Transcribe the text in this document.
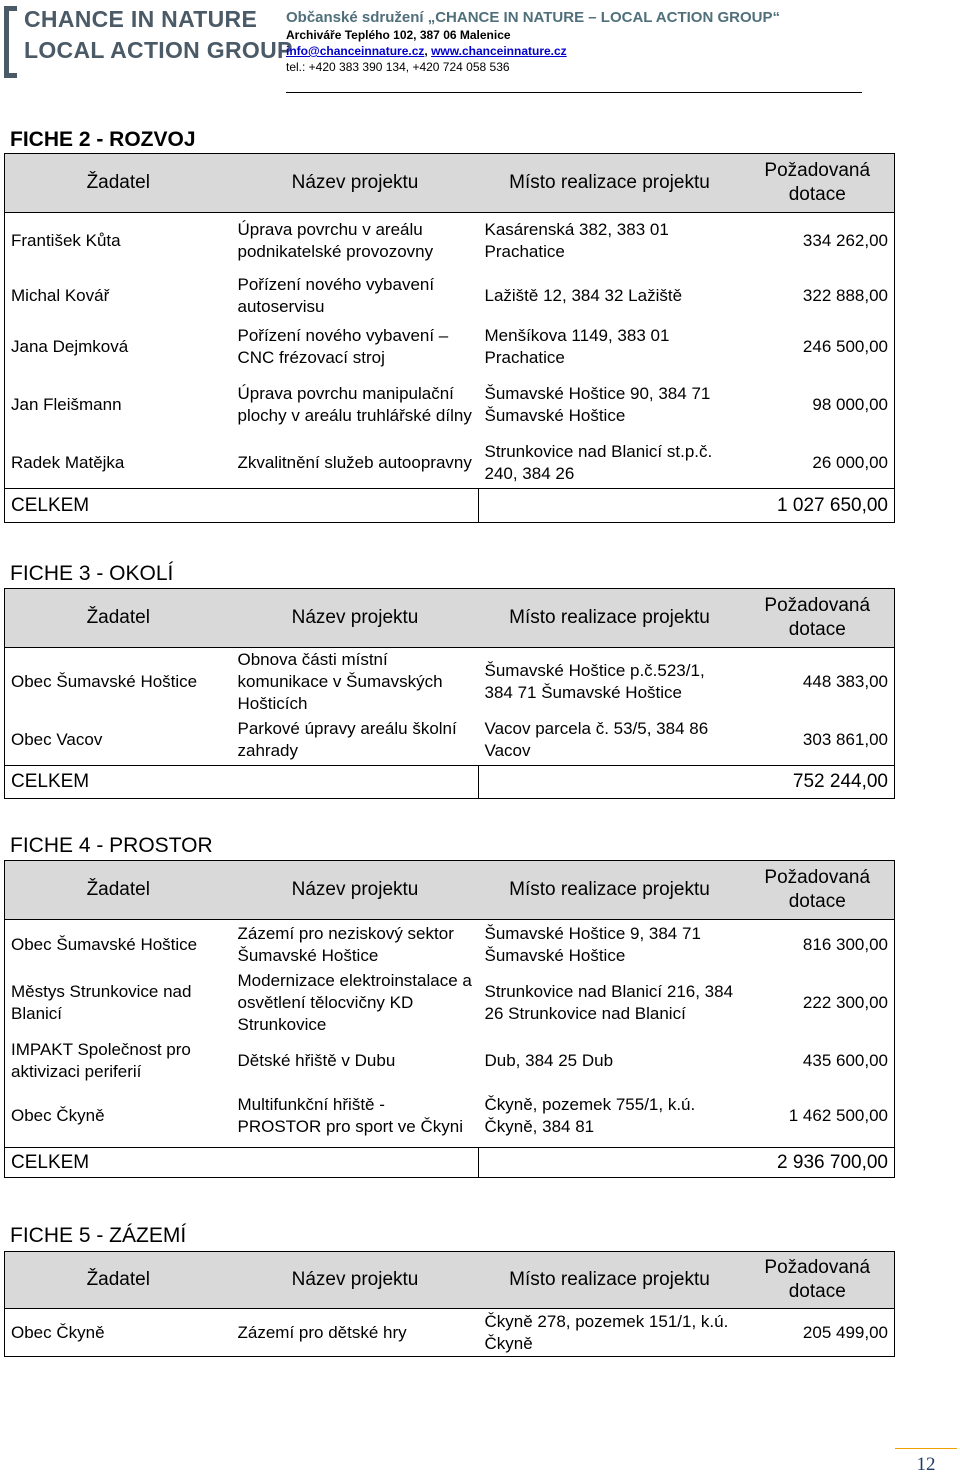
CHANCE IN NATURE
LOCAL ACTION GROUP
Občanské sdružení „CHANCE IN NATURE – LOCAL ACTION GROUP“
Archiváře Teplého 102, 387 06 Malenice
info@chanceinnature.cz, www.chanceinnature.cz
tel.: +420 383 390 134, +420 724 058 536
FICHE 2 - ROZVOJ
Žadatel	Název projektu	Místo realizace projektu	Požadovaná dotace
František Kůta	Úprava povrchu v areálu podnikatelské provozovny	Kasárenská 382, 383 01 Prachatice	334 262,00
Michal Kovář	Pořízení nového vybavení autoservisu	Lažiště 12, 384 32 Lažiště	322 888,00
Jana Dejmková	Pořízení nového vybavení – CNC frézovací stroj	Menšíkova 1149, 383 01 Prachatice	246 500,00
Jan Fleišmann	Úprava povrchu manipulační plochy v areálu truhlářské dílny	Šumavské Hoštice 90, 384 71 Šumavské Hoštice	98 000,00
Radek Matějka	Zkvalitnění služeb autoopravny	Strunkovice nad Blanicí st.p.č. 240, 384 26	26 000,00
CELKEM		1 027 650,00	
FICHE 3 - OKOLÍ
Žadatel	Název projektu	Místo realizace projektu	Požadovaná dotace
Obec Šumavské Hoštice	Obnova části místní komunikace v Šumavských Hošticích	Šumavské Hoštice p.č.523/1, 384 71 Šumavské Hoštice	448 383,00
Obec Vacov	Parkové úpravy areálu školní zahrady	Vacov parcela č. 53/5, 384 86 Vacov	303 861,00
CELKEM		752 244,00	
FICHE 4 - PROSTOR
Žadatel	Název projektu	Místo realizace projektu	Požadovaná dotace
Obec Šumavské Hoštice	Zázemí pro neziskový sektor Šumavské Hoštice	Šumavské Hoštice 9, 384 71 Šumavské Hoštice	816 300,00
Městys Strunkovice nad Blanicí	Modernizace elektroinstalace a osvětlení tělocvičny KD Strunkovice	Strunkovice nad Blanicí 216, 384 26 Strunkovice nad Blanicí	222 300,00
IMPAKT Společnost pro aktivizaci periferií	Dětské hřiště v Dubu	Dub, 384 25 Dub	435 600,00
Obec Čkyně	Multifunkční hřiště - PROSTOR pro sport ve Čkyni	Čkyně, pozemek 755/1, k.ú. Čkyně, 384 81	1 462 500,00
CELKEM		2 936 700,00	
FICHE 5 - ZÁZEMÍ
Žadatel	Název projektu	Místo realizace projektu	Požadovaná dotace
Obec Čkyně	Zázemí pro dětské hry	Čkyně 278, pozemek 151/1, k.ú. Čkyně	205 499,00
12
